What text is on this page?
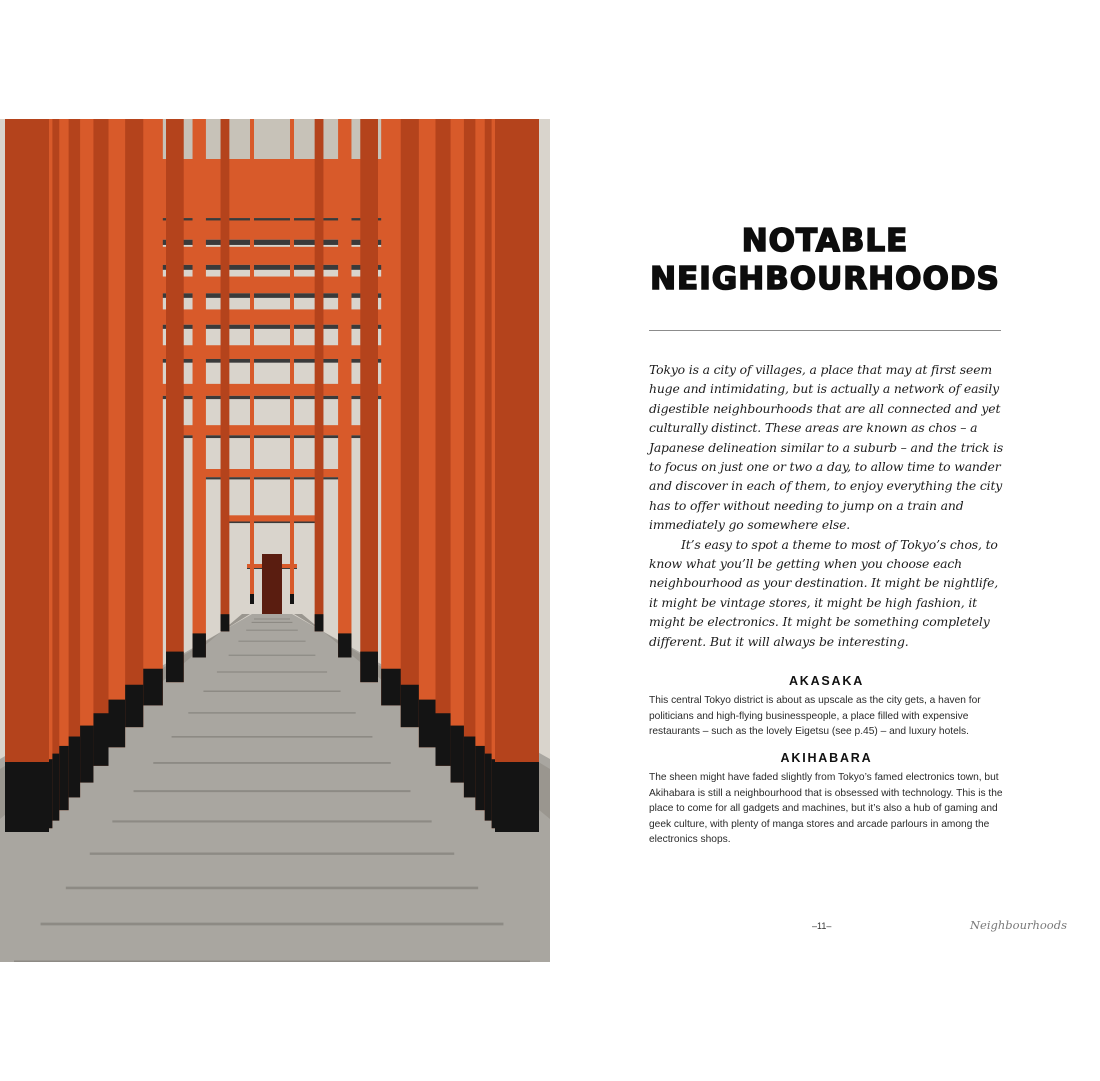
NOTABLE
NEIGHBOURHOODS

Tokyo is a city of villages, a place that may at first seem huge and intimidating, but is actually a network of easily digestible neighbourhoods that are all connected and yet culturally distinct. These areas are known as chos – a Japanese delineation similar to a suburb – and the trick is to focus on just one or two a day, to allow time to wander and discover in each of them, to enjoy everything the city has to offer without needing to jump on a train and immediately go somewhere else.

It’s easy to spot a theme to most of Tokyo’s chos, to know what you’ll be getting when you choose each neighbourhood as your destination. It might be nightlife, it might be vintage stores, it might be high fashion, it might be electronics. It might be something completely different. But it will always be interesting.

AKASAKA

This central Tokyo district is about as upscale as the city gets, a haven for politicians and high-flying businesspeople, a place filled with expensive restaurants – such as the lovely Eigetsu (see p.45) – and luxury hotels.

AKIHABARA

The sheen might have faded slightly from Tokyo’s famed electronics town, but Akihabara is still a neighbourhood that is obsessed with technology. This is the place to come for all gadgets and machines, but it’s also a hub of gaming and geek culture, with plenty of manga stores and arcade parlours in among the electronics shops.

–11–	Neighbourhoods
